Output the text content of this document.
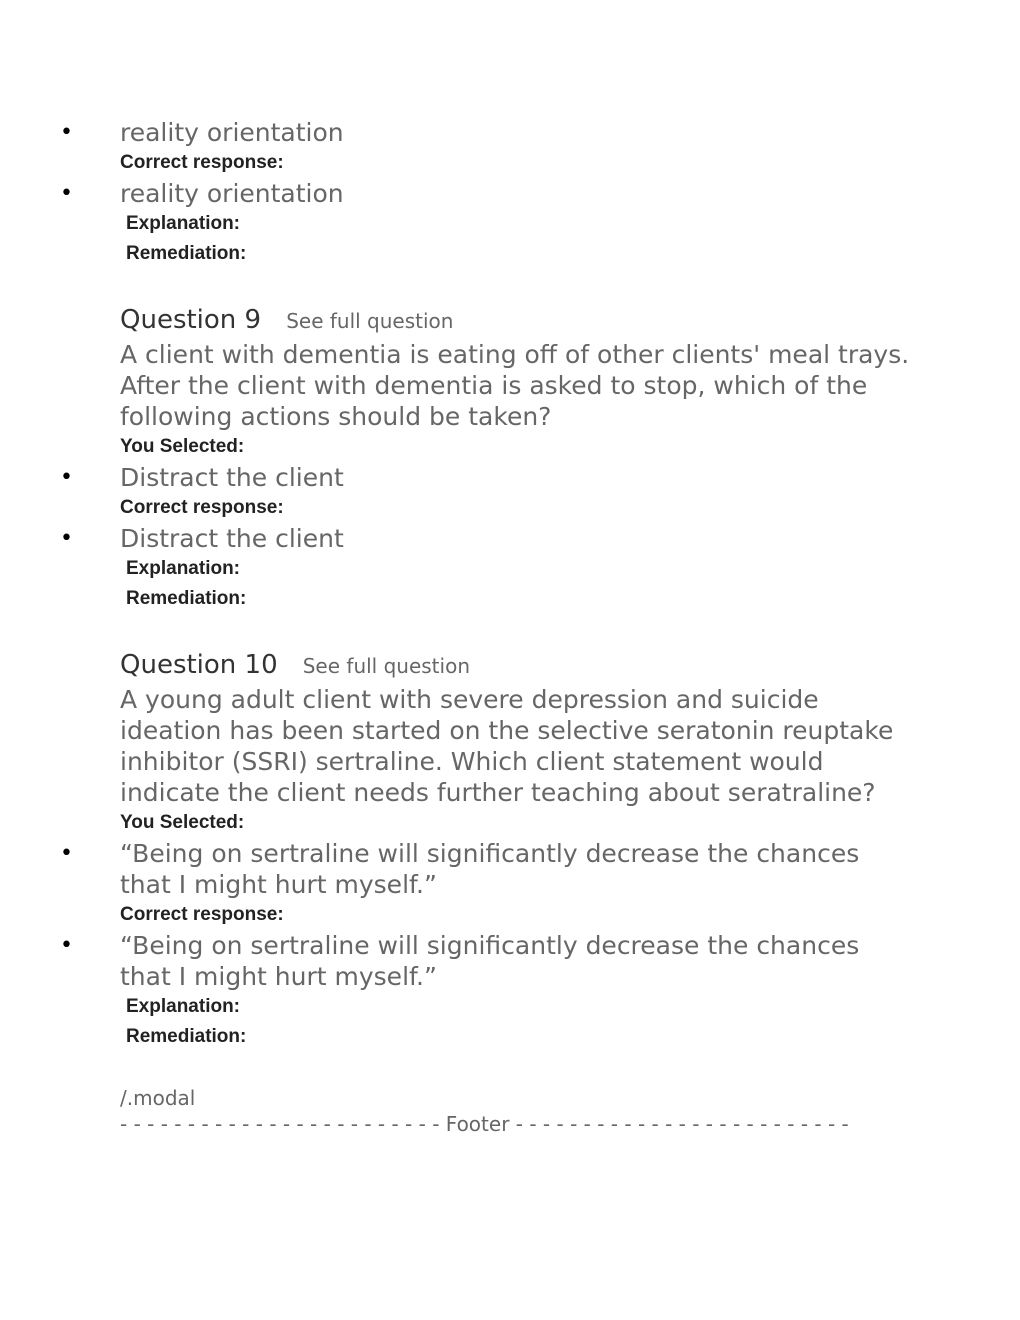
• reality orientation
Correct response:
• reality orientation
Explanation:
Remediation:
Question 9 See full question
A client with dementia is eating off of other clients' meal trays. After the client with dementia is asked to stop, which of the following actions should be taken?
You Selected:
• Distract the client
Correct response:
• Distract the client
Explanation:
Remediation:
Question 10 See full question
A young adult client with severe depression and suicide ideation has been started on the selective seratonin reuptake inhibitor (SSRI) sertraline. Which client statement would indicate the client needs further teaching about seratraline?
You Selected:
• “Being on sertraline will significantly decrease the chances that I might hurt myself.”
Correct response:
• “Being on sertraline will significantly decrease the chances that I might hurt myself.”
Explanation:
Remediation:
/.modal
- - - - - - - - - - - - - - - - - - - - - - - - Footer - - - - - - - - - - - - - - - - - - - - - - - - -
